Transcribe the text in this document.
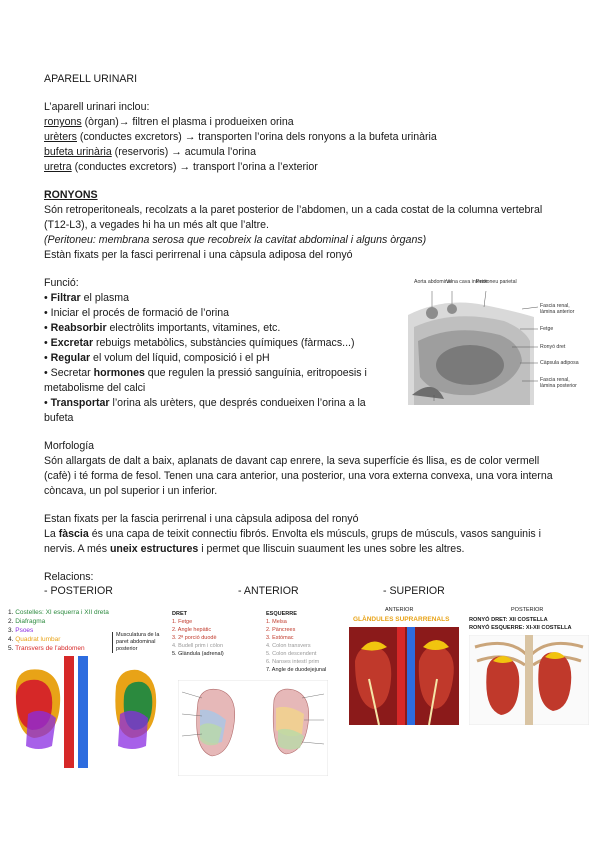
APARELL URINARI
L’aparell urinari inclou:
ronyons (òrgan)→ filtren el plasma i produeixen orina
urèters (conductes excretors) → transporten l’orina dels ronyons a la bufeta urinària
bufeta urinària (reservoris) → acumula l’orina
uretra (conductes excretors) → transport l’orina a l’exterior
RONYONS
Són retroperitoneals, recolzats a la paret posterior de l’abdomen, un a cada costat de la columna vertebral
(T12-L3), a vegades hi ha un més alt que l’altre.
(Peritoneu: membrana serosa que recobreix la cavitat abdominal i alguns òrgans)
Estàn fixats per la fasci perirrenal i una càpsula adiposa del ronyó
Funció:
• Filtrar el plasma
• Iniciar el procés de formació de l’orina
• Reabsorbir electròlits importants, vitamines, etc.
• Excretar rebuigs metabòlics, substàncies químiques (fàrmacs...)
• Regular el volum del líquid, composició i el pH
• Secretar hormones que regulen la pressió sanguínia, eritropoesis i
metabolisme del calci
• Transportar l’orina als urèters, que després condueixen l’orina a la
bufeta
Aorta abdominal
Vena cava inferior
Peritoneu parietal
Fascia renal, làmina anterior
Fetge
Ronyó dret
Càpsula adiposa
Fascia renal, làmina posterior
Morfología
Són allargats de dalt a baix, aplanats de davant cap enrere, la seva superfície és llisa, es de color vermell
(cafè) i té forma de fesol. Tenen una cara anterior, una posterior, una vora externa convexa, una vora interna
còncava, un pol superior i un inferior.
Estan fixats per la fascia perirrenal i una càpsula adiposa del ronyó
La fàscia és una capa de teixit connectiu fibrós. Envolta els músculs, grups de músculs, vasos sanguinis i
nervis. A més uneix estructures i permet que lliscuin suaument les unes sobre les altres.
Relacions:
- POSTERIOR	- ANTERIOR	- SUPERIOR
1. Costelles: XI esquerra i XII dreta
2. Diafragma
3. Psoes
4. Quadrat lumbar
5. Transvers de l’abdomen
Musculatura de la paret abdominal posterior
DRET
1. Fetge
2. Angle hepàtic
3. 2ª porció duodè
4. Budell prim i còlon
5. Glàndula (adrenal)
ESQUERRE
1. Melsa
2. Pàncrees
3. Estómac
4. Colon transvers
5. Colon descendent
6. Nanses intestí prim
7. Angle de duodejejunal
ANTERIOR
GLÀNDULES SUPRARRENALS
POSTERIOR
RONYÓ DRET: XII COSTELLA
RONYÓ ESQUERRE: XI-XII COSTELLA
